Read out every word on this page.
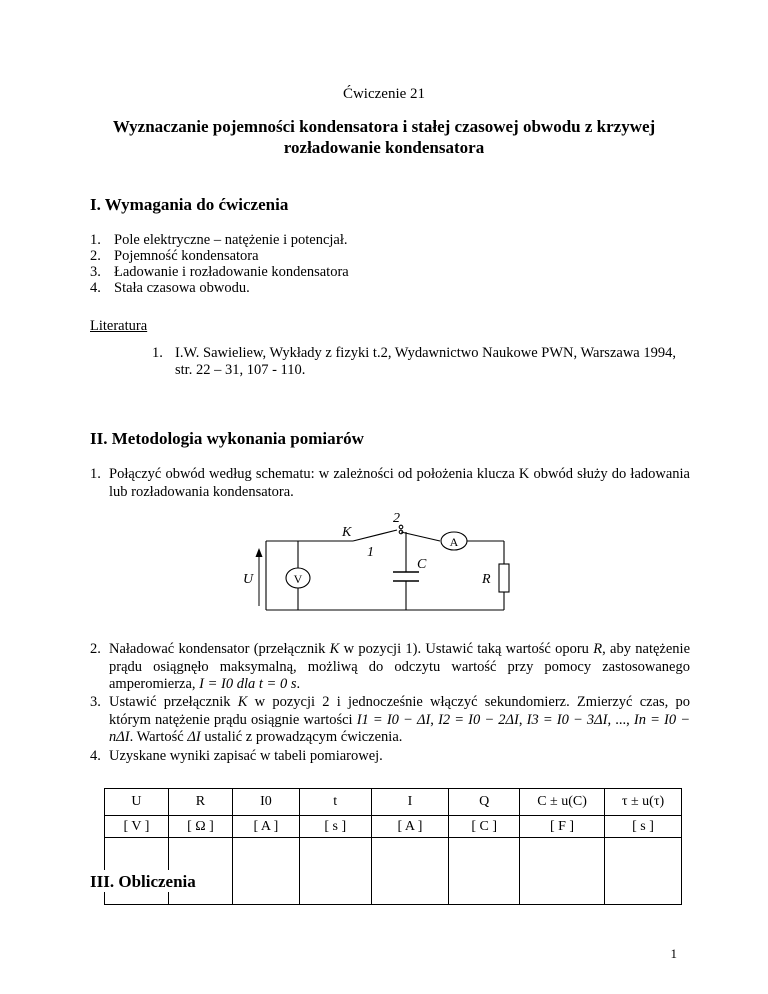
Ćwiczenie 21
Wyznaczanie pojemności kondensatora i stałej czasowej obwodu z krzywej rozładowanie kondensatora
I. Wymagania do ćwiczenia
1. Pole elektryczne – natężenie i potencjał.
2. Pojemność kondensatora
3. Ładowanie i rozładowanie kondensatora
4. Stała czasowa obwodu.
Literatura
1. I.W. Sawieliew, Wykłady z fizyki t.2, Wydawnictwo Naukowe PWN, Warszawa 1994, str. 22 – 31, 107 - 110.
II. Metodologia wykonania pomiarów
1. Połączyć obwód według schematu: w zależności od położenia klucza K obwód służy do ładowania lub rozładowania kondensatora.
K
2
1
A
V
U
C
R
2. Naładować kondensator (przełącznik K w pozycji 1). Ustawić taką wartość oporu R, aby natężenie prądu osiągnęło maksymalną, możliwą do odczytu wartość przy pomocy zastosowanego amperomierza, I = I0 dla t = 0 s.
3. Ustawić przełącznik K w pozycji 2 i jednocześnie włączyć sekundomierz. Zmierzyć czas, po którym natężenie prądu osiągnie wartości I1 = I0 − ΔI, I2 = I0 − 2ΔI, I3 = I0 − 3ΔI, ..., In = I0 − nΔI. Wartość ΔI ustalić z prowadzącym ćwiczenia.
4. Uzyskane wyniki zapisać w tabeli pomiarowej.
U	R	I0	t	I	Q	C ± u(C)	τ ± u(τ)
[ V ]	[ Ω ]	[ A ]	[ s ]	[ A ]	[ C ]	[ F ]	[ s ]

III. Obliczenia
1
